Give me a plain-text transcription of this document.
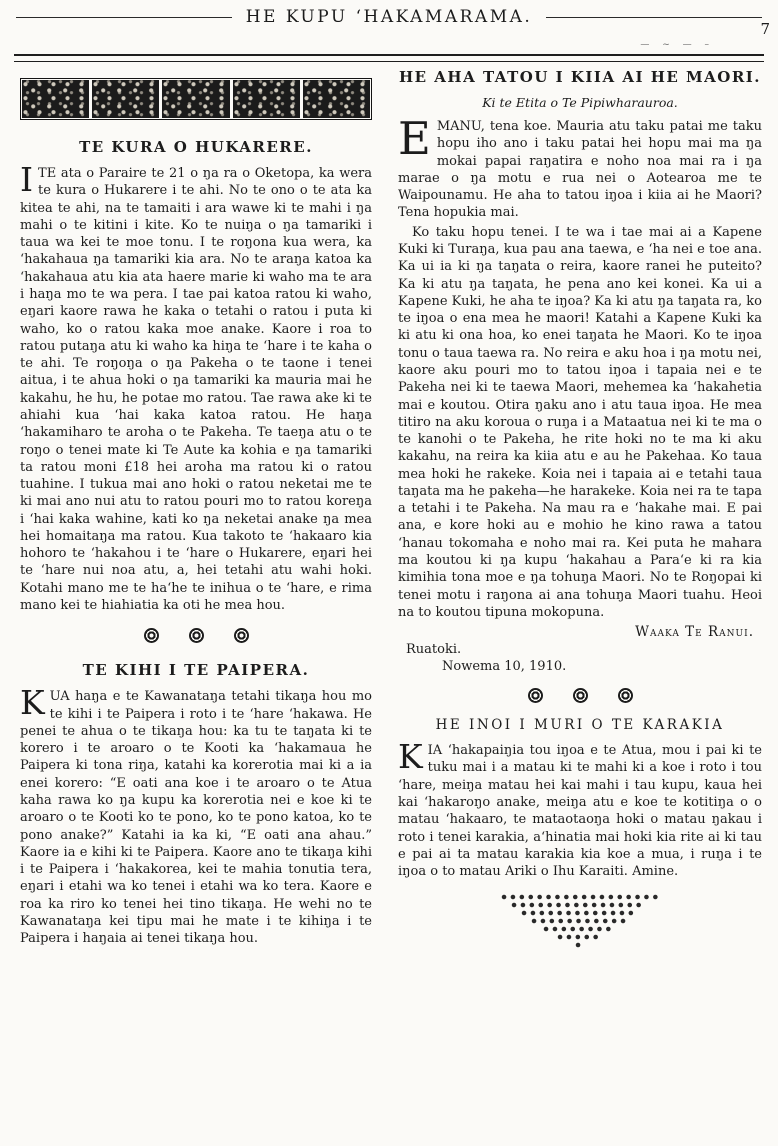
HE KUPU ‘HAKAMARAMA.
7
— ~ — –
TE KURA O HUKARERE.

ITE ata o Paraire te 21 o ŋa ra o Oketopa, ka wera te kura o Hukarere i te ahi. No te ono o te ata ka kitea te ahi, na te tamaiti i ara wawe ki te mahi i ŋa mahi o te kitini i kite. Ko te nuiŋa o ŋa tamariki i taua wa kei te moe tonu. I te roŋona kua wera, ka ‘hakahaua ŋa tamariki kia ara. No te araŋa katoa ka ‘hakahaua atu kia ata haere marie ki waho ma te ara i haŋa mo te wa pera. I tae pai katoa ratou ki waho, eŋari kaore rawa he kaka o tetahi o ratou i puta ki waho, ko o ratou kaka moe anake. Kaore i roa to ratou putaŋa atu ki waho ka hiŋa te ‘hare i te kaha o te ahi. Te roŋoŋa o ŋa Pakeha o te taone i tenei aitua, i te ahua hoki o ŋa tamariki ka mauria mai he kakahu, he hu, he potae mo ratou. Tae rawa ake ki te ahiahi kua ‘hai kaka katoa ratou. He haŋa ‘hakamiharo te aroha o te Pakeha. Te taeŋa atu o te roŋo o tenei mate ki Te Aute ka kohia e ŋa tamariki ta ratou moni £18 hei aroha ma ratou ki o ratou tuahine. I tukua mai ano hoki o ratou neketai me te ki mai ano nui atu to ratou pouri mo to ratou koreŋa i ‘hai kaka wahine, kati ko ŋa neketai anake ŋa mea hei homaitaŋa ma ratou. Kua takoto te ‘hakaaro kia hohoro te ‘hakahou i te ‘hare o Hukarere, eŋari hei te ‘hare nui noa atu, a, hei tetahi atu wahi hoki. Kotahi mano me te ha‘he te inihua o te ‘hare, e rima mano kei te hiahiatia ka oti he mea hou.

TE KIHI I TE PAIPERA.

KUA haŋa e te Kawanataŋa tetahi tikaŋa hou mo te kihi i te Paipera i roto i te ‘hare ‘hakawa. He penei te ahua o te tikaŋa hou: ka tu te taŋata ki te korero i te aroaro o te Kooti ka ‘hakamaua he Paipera ki tona riŋa, katahi ka korerotia mai ki a ia enei korero: “E oati ana koe i te aroaro o te Atua kaha rawa ko ŋa kupu ka korerotia nei e koe ki te aroaro o te Kooti ko te pono, ko te pono katoa, ko te pono anake?” Katahi ia ka ki, “E oati ana ahau.” Kaore ia e kihi ki te Paipera. Kaore ano te tikaŋa kihi i te Paipera i ‘hakakorea, kei te mahia tonutia tera, eŋari i etahi wa ko tenei i etahi wa ko tera. Kaore e roa ka riro ko tenei hei tino tikaŋa. He wehi no te Kawanataŋa kei tipu mai he mate i te kihiŋa i te Paipera i haŋaia ai tenei tikaŋa hou.

HE AHA TATOU I KIIA AI HE MAORI.
Ki te Etita o Te Pipiwharauroa.

EMANU, tena koe. Mauria atu taku patai me taku hopu iho ano i taku patai hei hopu mai ma ŋa mokai papai raŋatira e noho noa mai ra i ŋa marae o ŋa motu e rua nei o Aotearoa me te Waipounamu. He aha to tatou iŋoa i kiia ai he Maori? Tena hopukia mai.

Ko taku hopu tenei. I te wa i tae mai ai a Kapene Kuki ki Turaŋa, kua pau ana taewa, e ‘ha nei e toe ana. Ka ui ia ki ŋa taŋata o reira, kaore ranei he puteito? Ka ki atu ŋa taŋata, he pena ano kei konei. Ka ui a Kapene Kuki, he aha te iŋoa? Ka ki atu ŋa taŋata ra, ko te iŋoa o ena mea he maori! Katahi a Kapene Kuki ka ki atu ki ona hoa, ko enei taŋata he Maori. Ko te iŋoa tonu o taua taewa ra. No reira e aku hoa i ŋa motu nei, kaore aku pouri mo to tatou iŋoa i tapaia nei e te Pakeha nei ki te taewa Maori, mehemea ka ‘hakahetia mai e koutou. Otira ŋaku ano i atu taua iŋoa. He mea titiro na aku koroua o ruŋa i a Mataatua nei ki te ma o te kanohi o te Pakeha, he rite hoki no te ma ki aku kakahu, na reira ka kiia atu e au he Pakehaa. Ko taua mea hoki he rakeke. Koia nei i tapaia ai e tetahi taua taŋata ma he pakeha—he harakeke. Koia nei ra te tapa a tetahi i te Pakeha. Na mau ra e ‘hakahe mai. E pai ana, e kore hoki au e mohio he kino rawa a tatou ‘hanau tokomaha e noho mai ra. Kei puta he mahara ma koutou ki ŋa kupu ‘hakahau a Para‘e ki ra kia kimihia tona moe e ŋa tohuŋa Maori. No te Roŋopai ki tenei motu i raŋona ai ana tohuŋa Maori tuahu. Heoi na to koutou tipuna mokopuna.

Waaka Te Ranui.
Ruatoki.
Nowema 10, 1910.
HE INOI I MURI O TE KARAKIA

KIA ‘hakapaiŋia tou iŋoa e te Atua, mou i pai ki te tuku mai i a matau ki te mahi ki a koe i roto i tou ‘hare, meiŋa matau hei kai mahi i tau kupu, kaua hei kai ‘hakaroŋo anake, meiŋa atu e koe te kotitiŋa o o matau ‘hakaaro, te mataotaoŋa hoki o matau ŋakau i roto i tenei karakia, a‘hinatia mai hoki kia rite ai ki tau e pai ai ta matau karakia kia koe a mua, i ruŋa i te iŋoa o to matau Ariki o Ihu Karaiti. Amine.
